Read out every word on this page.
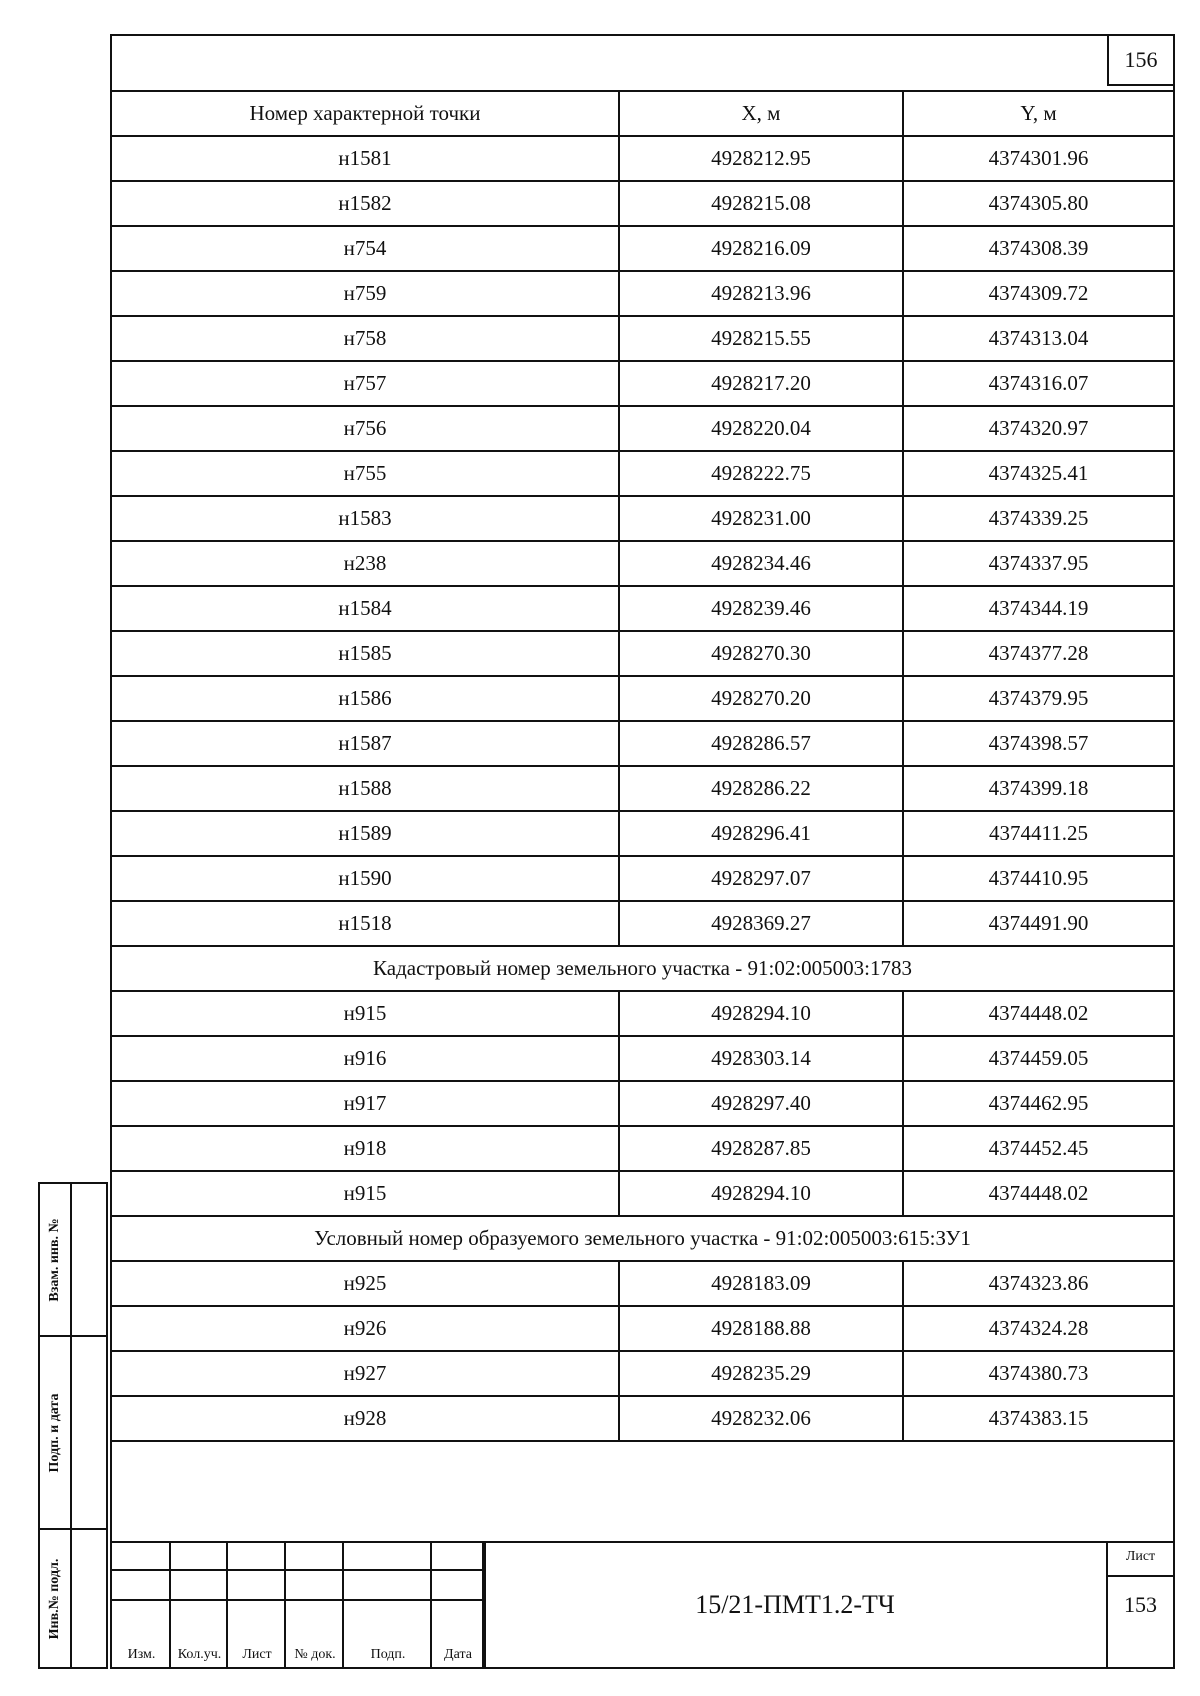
156
Номер характерной точки	X, м	Y, м
н1581	4928212.95	4374301.96
н1582	4928215.08	4374305.80
н754	4928216.09	4374308.39
н759	4928213.96	4374309.72
н758	4928215.55	4374313.04
н757	4928217.20	4374316.07
н756	4928220.04	4374320.97
н755	4928222.75	4374325.41
н1583	4928231.00	4374339.25
н238	4928234.46	4374337.95
н1584	4928239.46	4374344.19
н1585	4928270.30	4374377.28
н1586	4928270.20	4374379.95
н1587	4928286.57	4374398.57
н1588	4928286.22	4374399.18
н1589	4928296.41	4374411.25
н1590	4928297.07	4374410.95
н1518	4928369.27	4374491.90
Кадастровый номер земельного участка - 91:02:005003:1783		
н915	4928294.10	4374448.02
н916	4928303.14	4374459.05
н917	4928297.40	4374462.95
н918	4928287.85	4374452.45
н915	4928294.10	4374448.02
Условный номер образуемого земельного участка - 91:02:005003:615:ЗУ1		
н925	4928183.09	4374323.86
н926	4928188.88	4374324.28
н927	4928235.29	4374380.73
н928	4928232.06	4374383.15
Изм.	Кол.уч.	Лист	№ док.	Подп.	Дата
15/21-ПМТ1.2-ТЧ
Лист
153
Взам. инв. №
Подп. и дата
Инв.№ подл.
